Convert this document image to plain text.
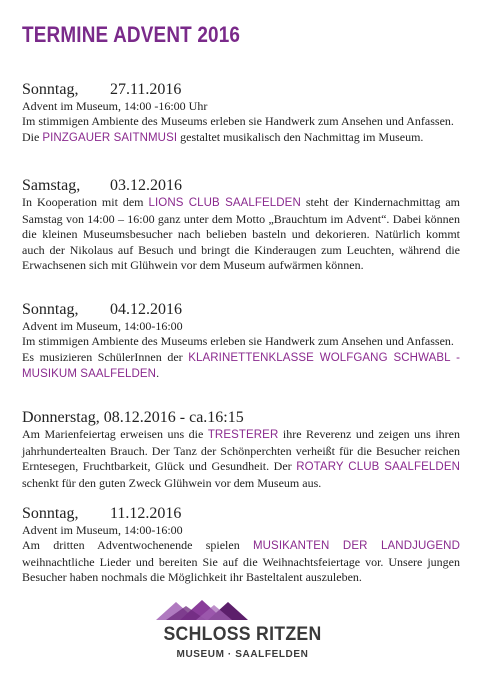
TERMINE ADVENT 2016
Sonntag, 27.11.2016
Advent im Museum, 14:00 -16:00 Uhr
Im stimmigen Ambiente des Museums erleben sie Handwerk zum Ansehen und Anfassen.
Die PINZGAUER SAITNMUSI gestaltet musikalisch den Nachmittag im Museum.
Samstag, 03.12.2016
In Kooperation mit dem LIONS CLUB SAALFELDEN steht der Kindernachmittag am Samstag von 14:00 – 16:00 ganz unter dem Motto „Brauchtum im Advent“. Dabei können die kleinen Museumsbesucher nach belieben basteln und dekorieren. Natürlich kommt auch der Nikolaus auf Besuch und bringt die Kinderaugen zum Leuchten, während die Erwachsenen sich mit Glühwein vor dem Museum aufwärmen können.
Sonntag, 04.12.2016
Advent im Museum, 14:00-16:00
Im stimmigen Ambiente des Museums erleben sie Handwerk zum Ansehen und Anfassen.
Es musizieren SchülerInnen der KLARINETTENKLASSE WOLFGANG SCHWABL - MUSIKUM SAALFELDEN.
Donnerstag, 08.12.2016 - ca.16:15
Am Marienfeiertag erweisen uns die TRESTERER ihre Reverenz und zeigen uns ihren jahrhundertealten Brauch. Der Tanz der Schönperchten verheißt für die Besucher reichen Erntesegen, Fruchtbarkeit, Glück und Gesundheit. Der ROTARY CLUB SAALFELDEN schenkt für den guten Zweck Glühwein vor dem Museum aus.
Sonntag, 11.12.2016
Advent im Museum, 14:00-16:00
Am dritten Adventwochenende spielen MUSIKANTEN DER LANDJUGEND weihnachtliche Lieder und bereiten Sie auf die Weihnachtsfeiertage vor. Unsere jungen Besucher haben nochmals die Möglichkeit ihr Basteltalent auszuleben.
SCHLOSS RITZEN
MUSEUM · SAALFELDEN
